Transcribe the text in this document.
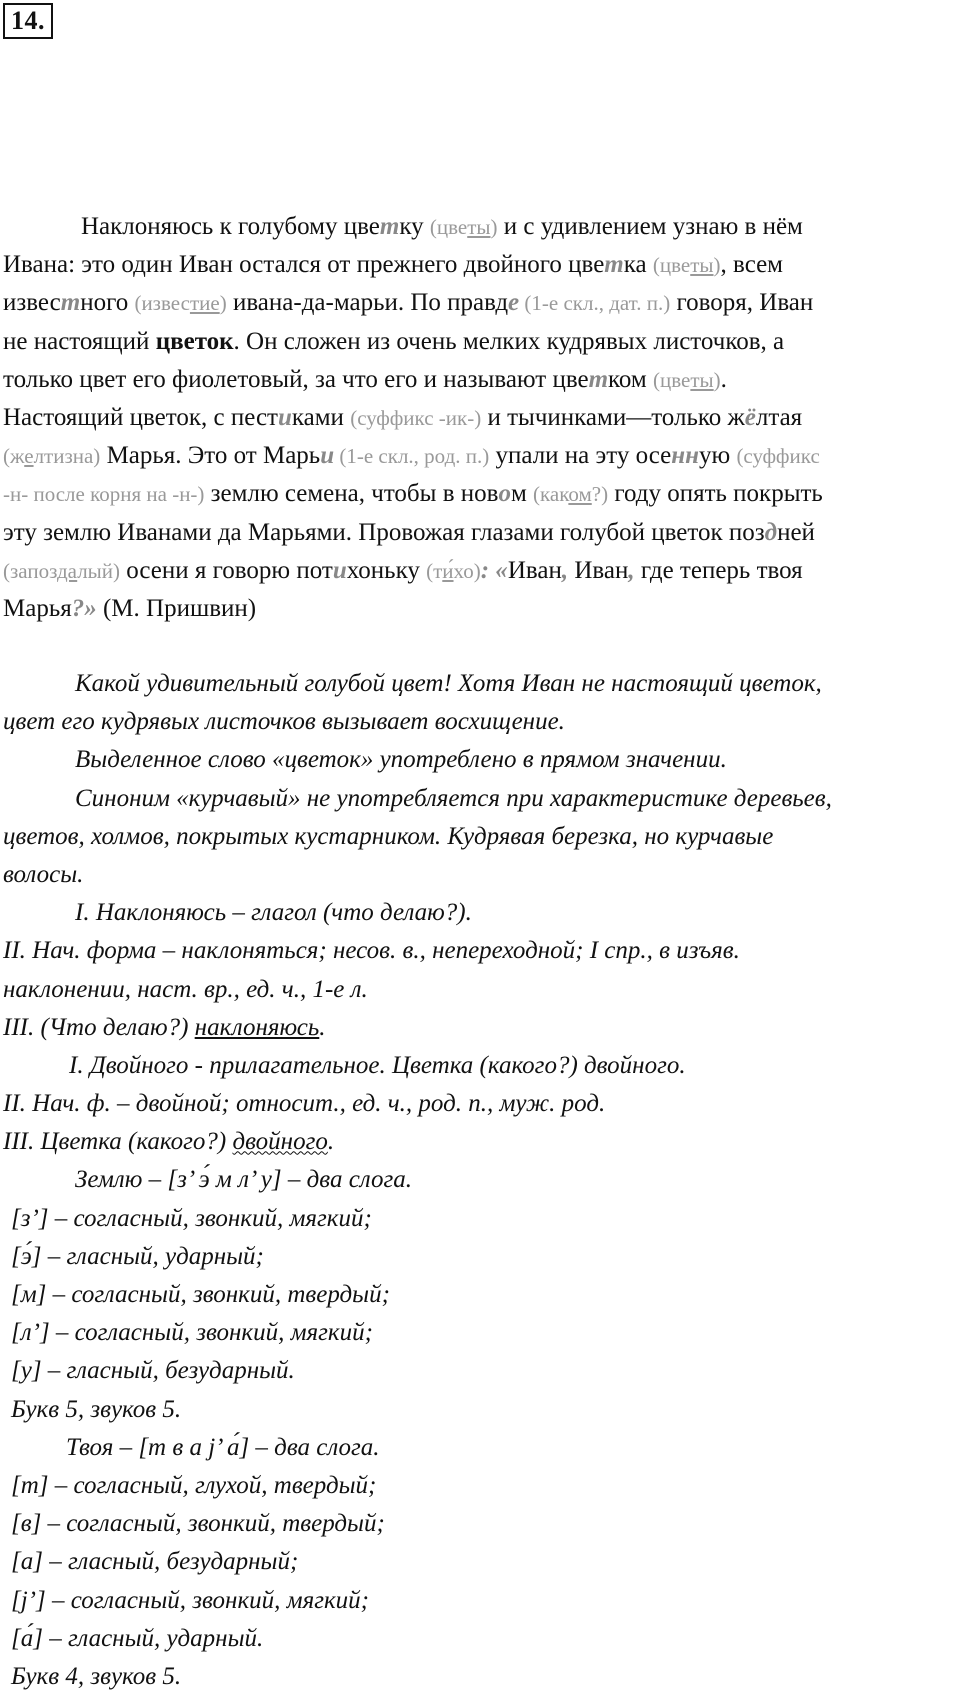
14.
Наклоняюсь к голубому цветку (цветы) и с удивлением узнаю в нём
Ивана: это один Иван остался от прежнего двойного цветка (цветы), всем
известного (известие) ивана-да-марьи. По правде (1-е скл., дат. п.) говоря, Иван
не настоящий цветок. Он сложен из очень мелких кудрявых листочков, а
только цвет его фиолетовый, за что его и называют цветком (цветы).
Настоящий цветок, с пестиками (суффикс -ик-) и тычинками—только жёлтая
(желтизна) Марья. Это от Марьи (1-е скл., род. п.) упали на эту осенную (суффикс
-н- после корня на -н-) землю семена, чтобы в новом (каком?) году опять покрыть
эту землю Иванами да Марьями. Провожая глазами голубой цветок поздней
(запоздалый) осени я говорю потихоньку (ти́хо): «Иван, Иван, где теперь твоя
Марья?» (М. Пришвин)
Какой удивительный голубой цвет! Хотя Иван не настоящий цветок,
цвет его кудрявых листочков вызывает восхищение.
Выделенное слово «цветок» употреблено в прямом значении.
Синоним «курчавый» не употребляется при характеристике деревьев,
цветов, холмов, покрытых кустарником. Кудрявая березка, но курчавые
волосы.
I. Наклоняюсь – глагол (что делаю?).
II. Нач. форма – наклоняться; несов. в., непереходной; I спр., в изъяв.
наклонении, наст. вр., ед. ч., 1-е л.
III. (Что делаю?) наклоняюсь.
I. Двойного - прилагательное. Цветка (какого?) двойного.
II. Нач. ф. – двойной; относит., ед. ч., род. п., муж. род.
III. Цветка (какого?) двойного.
Землю – [з’ э́ м л’ у] – два слога.
[з’] – согласный, звонкий, мягкий;
[э́] – гласный, ударный;
[м] – согласный, звонкий, твердый;
[л’] – согласный, звонкий, мягкий;
[у] – гласный, безударный.
Букв 5, звуков 5.
Твоя – [т в а j’ а́] – два слога.
[т] – согласный, глухой, твердый;
[в] – согласный, звонкий, твердый;
[а] – гласный, безударный;
[j’] – согласный, звонкий, мягкий;
[а́] – гласный, ударный.
Букв 4, звуков 5.
